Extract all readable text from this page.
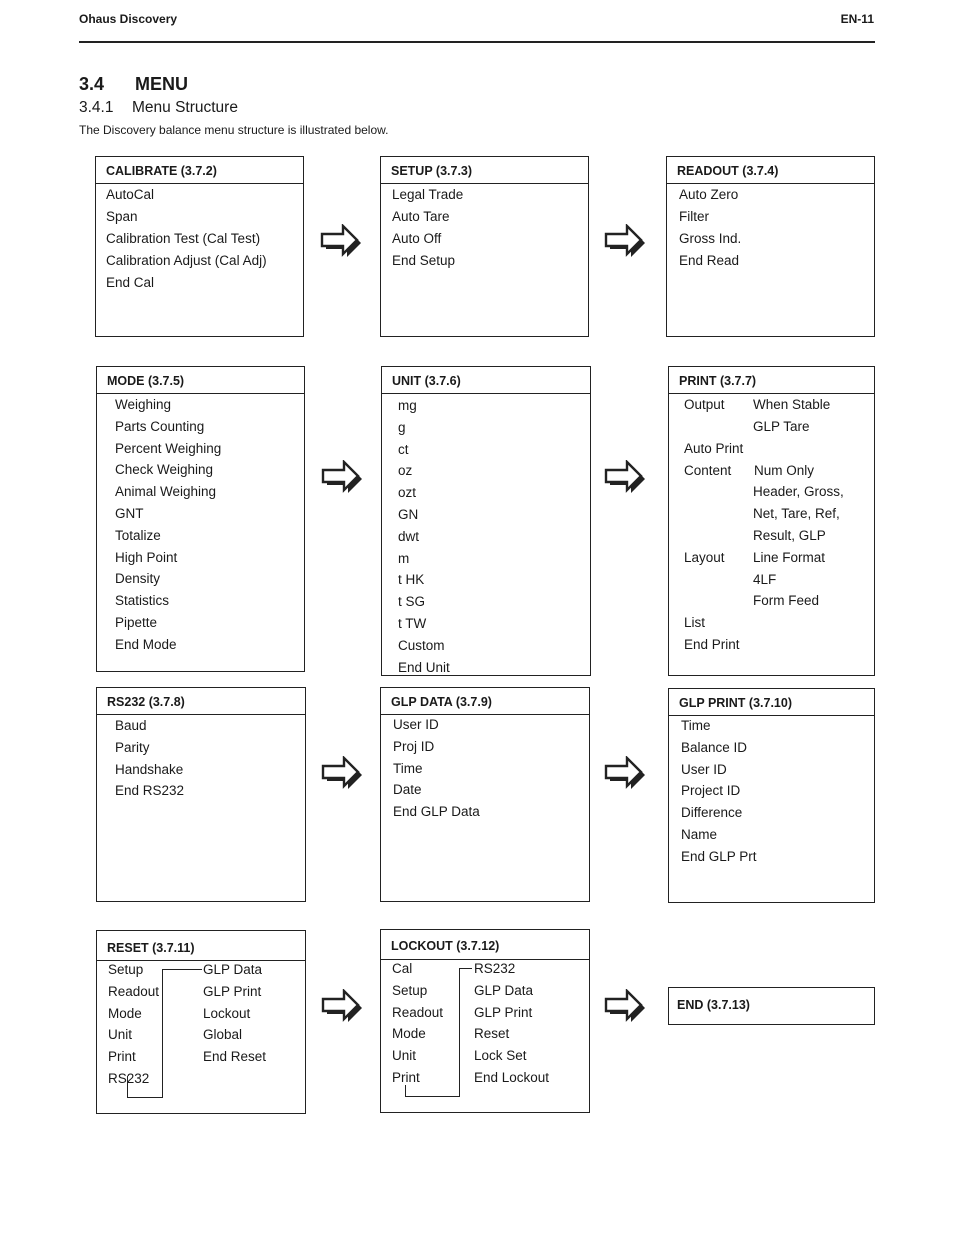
Ohaus Discovery	EN-11
3.4 MENU
3.4.1 Menu Structure
The Discovery balance menu structure is illustrated below.
CALIBRATE (3.7.2)
AutoCal
Span
Calibration Test (Cal Test)
Calibration Adjust (Cal Adj)
End Cal
SETUP (3.7.3)
Legal Trade
Auto Tare
Auto Off
End Setup
READOUT (3.7.4)
Auto Zero
Filter
Gross Ind.
End Read
MODE (3.7.5)
Weighing
Parts Counting
Percent Weighing
Check Weighing
Animal Weighing
GNT
Totalize
High Point
Density
Statistics
Pipette
End Mode
UNIT (3.7.6)
mg
g
ct
oz
ozt
GN
dwt
m
t HK
t SG
t TW
Custom
End Unit
PRINT (3.7.7)
Output
Auto Print
Content
Layout
List
End Print
When Stable
GLP Tare
Num Only
Header, Gross,
Net, Tare, Ref,
Result, GLP
Line Format
4LF
Form Feed
RS232 (3.7.8)
Baud
Parity
Handshake
End RS232
GLP DATA (3.7.9)
User ID
Proj ID
Time
Date
End GLP Data
GLP PRINT (3.7.10)
Time
Balance ID
User ID
Project ID
Difference
Name
End GLP Prt
RESET (3.7.11)
Setup
Readout
Mode
Unit
Print
RS232
GLP Data
GLP Print
Lockout
Global
End Reset
LOCKOUT (3.7.12)
Cal
Setup
Readout
Mode
Unit
Print
RS232
GLP Data
GLP Print
Reset
Lock Set
End Lockout
END (3.7.13)
